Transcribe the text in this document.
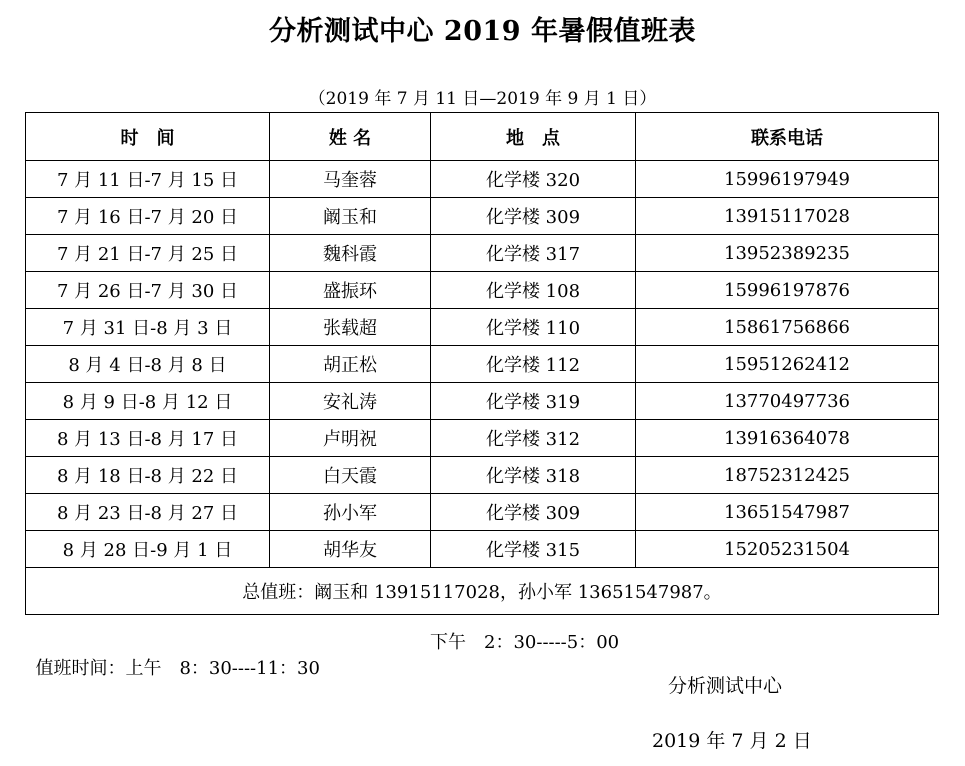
分析测试中心 2019 年暑假值班表
（2019 年 7 月 11 日—2019 年 9 月 1 日）
时　间	姓 名	地　点	联系电话
7 月 11 日-7 月 15 日	马奎蓉	化学楼 320	15996197949
7 月 16 日-7 月 20 日	阚玉和	化学楼 309	13915117028
7 月 21 日-7 月 25 日	魏科霞	化学楼 317	13952389235
7 月 26 日-7 月 30 日	盛振环	化学楼 108	15996197876
7 月 31 日-8 月 3 日	张载超	化学楼 110	15861756866
8 月 4 日-8 月 8 日	胡正松	化学楼 112	15951262412
8 月 9 日-8 月 12 日	安礼涛	化学楼 319	13770497736
8 月 13 日-8 月 17 日	卢明祝	化学楼 312	13916364078
8 月 18 日-8 月 22 日	白天霞	化学楼 318	18752312425
8 月 23 日-8 月 27 日	孙小军	化学楼 309	13651547987
8 月 28 日-9 月 1 日	胡华友	化学楼 315	15205231504
总值班：阚玉和 13915117028，孙小军 13651547987。			

值班时间：上午　8：30----11：30

下午　2：30-----5：00

分析测试中心
2019 年 7 月 2 日
